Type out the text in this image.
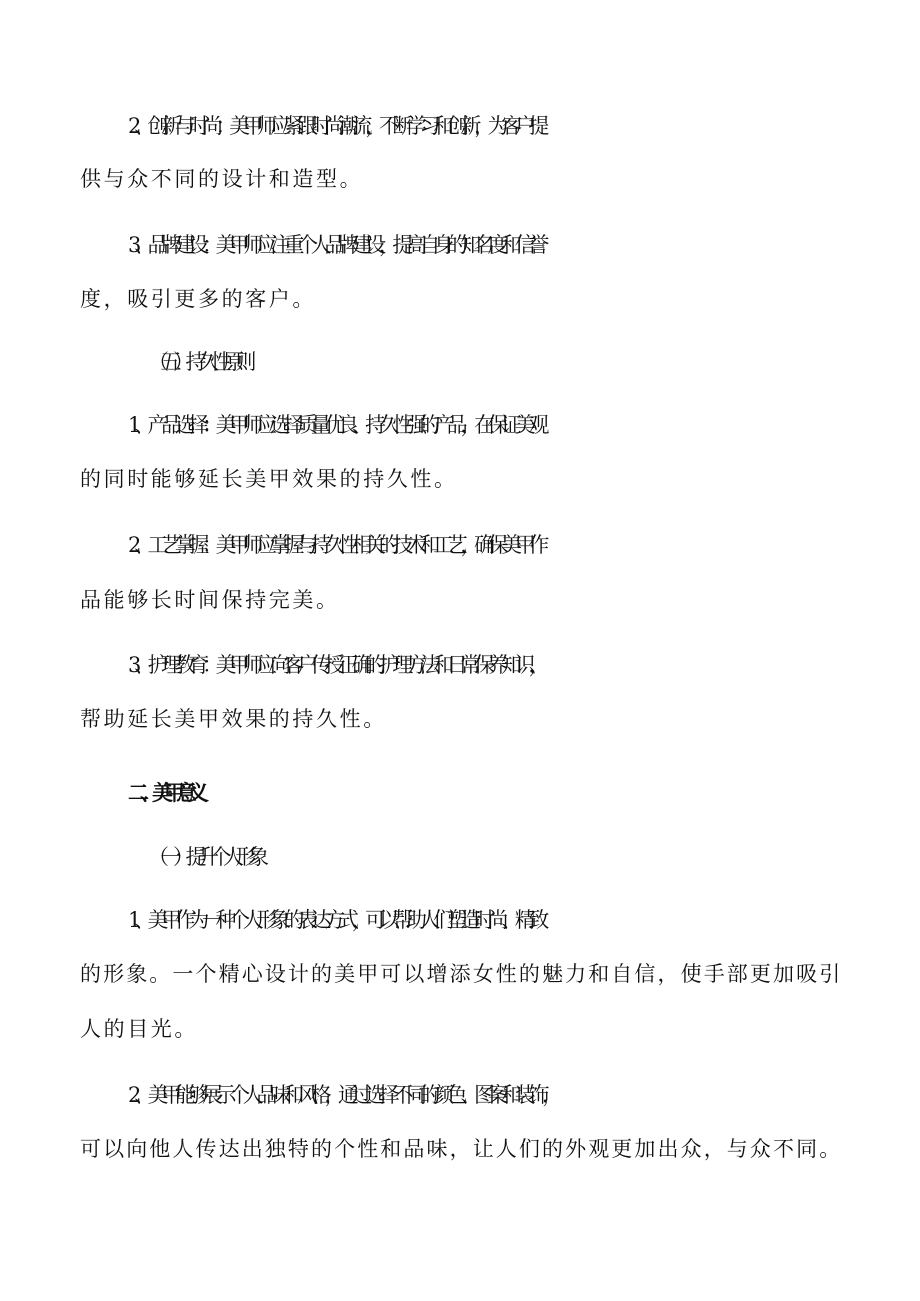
2、创新与时尚：美甲师应紧跟时尚潮流，不断学习和创新，为客户提
供与众不同的设计和造型。
3、品牌建设：美甲师应注重个人品牌建设，提高自身的知名度和信誉
度，吸引更多的客户。
（五）持久性原则
1、产品选择：美甲师应选择质量优良、持久性强的产品，在保证美观
的同时能够延长美甲效果的持久性。
2、工艺掌握：美甲师应掌握与持久性相关的技术和工艺，确保美甲作
品能够长时间保持完美。
3、护理教育：美甲师应向客户传授正确的护理方法和日常保养知识，
帮助延长美甲效果的持久性。
二、美甲意义
（一）提升个人形象
1、美甲作为一种个人形象的表达方式，可以帮助人们塑造时尚、精致
的形象。一个精心设计的美甲可以增添女性的魅力和自信，使手部更加吸引
人的目光。
2、美甲能够展示个人品味和风格，通过选择不同的颜色、图案和装饰，
可以向他人传达出独特的个性和品味，让人们的外观更加出众，与众不同。
